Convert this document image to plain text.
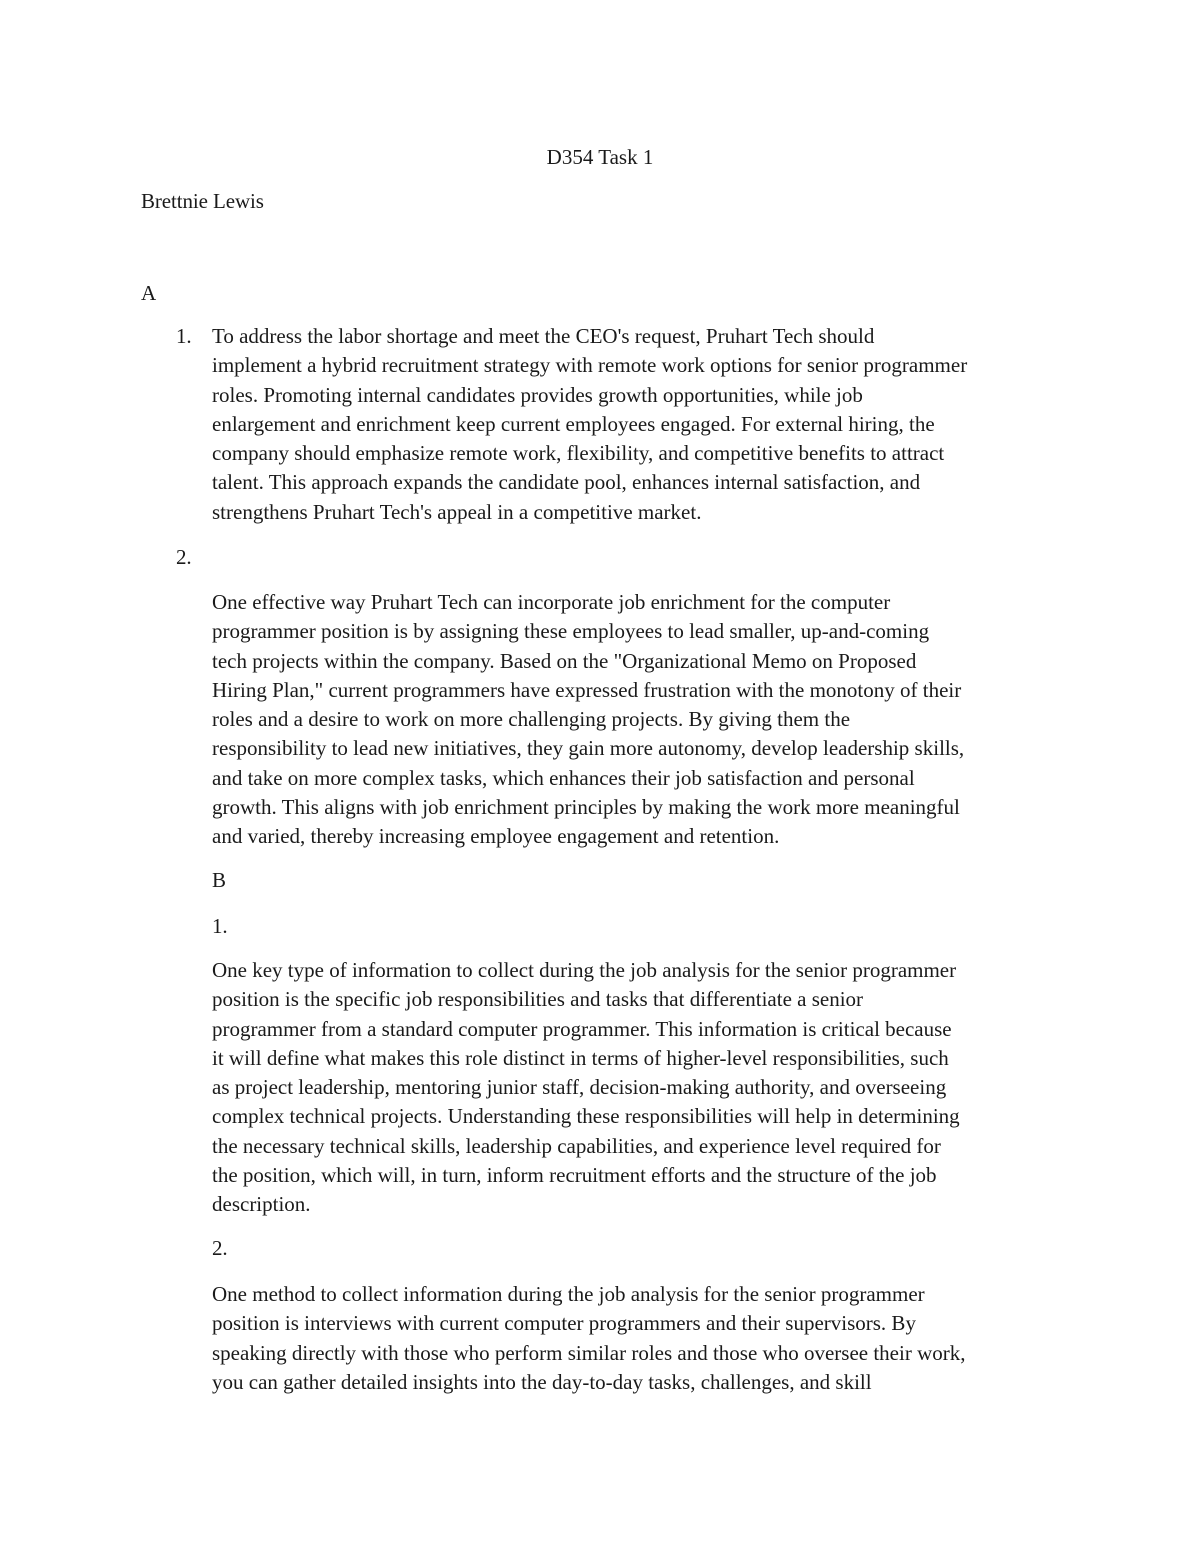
D354 Task 1
Brettnie Lewis
A
1. To address the labor shortage and meet the CEO's request, Pruhart Tech should
implement a hybrid recruitment strategy with remote work options for senior programmer
roles. Promoting internal candidates provides growth opportunities, while job
enlargement and enrichment keep current employees engaged. For external hiring, the
company should emphasize remote work, flexibility, and competitive benefits to attract
talent. This approach expands the candidate pool, enhances internal satisfaction, and
strengthens Pruhart Tech's appeal in a competitive market.
2.
One effective way Pruhart Tech can incorporate job enrichment for the computer
programmer position is by assigning these employees to lead smaller, up-and-coming
tech projects within the company. Based on the "Organizational Memo on Proposed
Hiring Plan," current programmers have expressed frustration with the monotony of their
roles and a desire to work on more challenging projects. By giving them the
responsibility to lead new initiatives, they gain more autonomy, develop leadership skills,
and take on more complex tasks, which enhances their job satisfaction and personal
growth. This aligns with job enrichment principles by making the work more meaningful
and varied, thereby increasing employee engagement and retention.
B
1.
One key type of information to collect during the job analysis for the senior programmer
position is the specific job responsibilities and tasks that differentiate a senior
programmer from a standard computer programmer. This information is critical because
it will define what makes this role distinct in terms of higher-level responsibilities, such
as project leadership, mentoring junior staff, decision-making authority, and overseeing
complex technical projects. Understanding these responsibilities will help in determining
the necessary technical skills, leadership capabilities, and experience level required for
the position, which will, in turn, inform recruitment efforts and the structure of the job
description.
2.
One method to collect information during the job analysis for the senior programmer
position is interviews with current computer programmers and their supervisors. By
speaking directly with those who perform similar roles and those who oversee their work,
you can gather detailed insights into the day-to-day tasks, challenges, and skill
